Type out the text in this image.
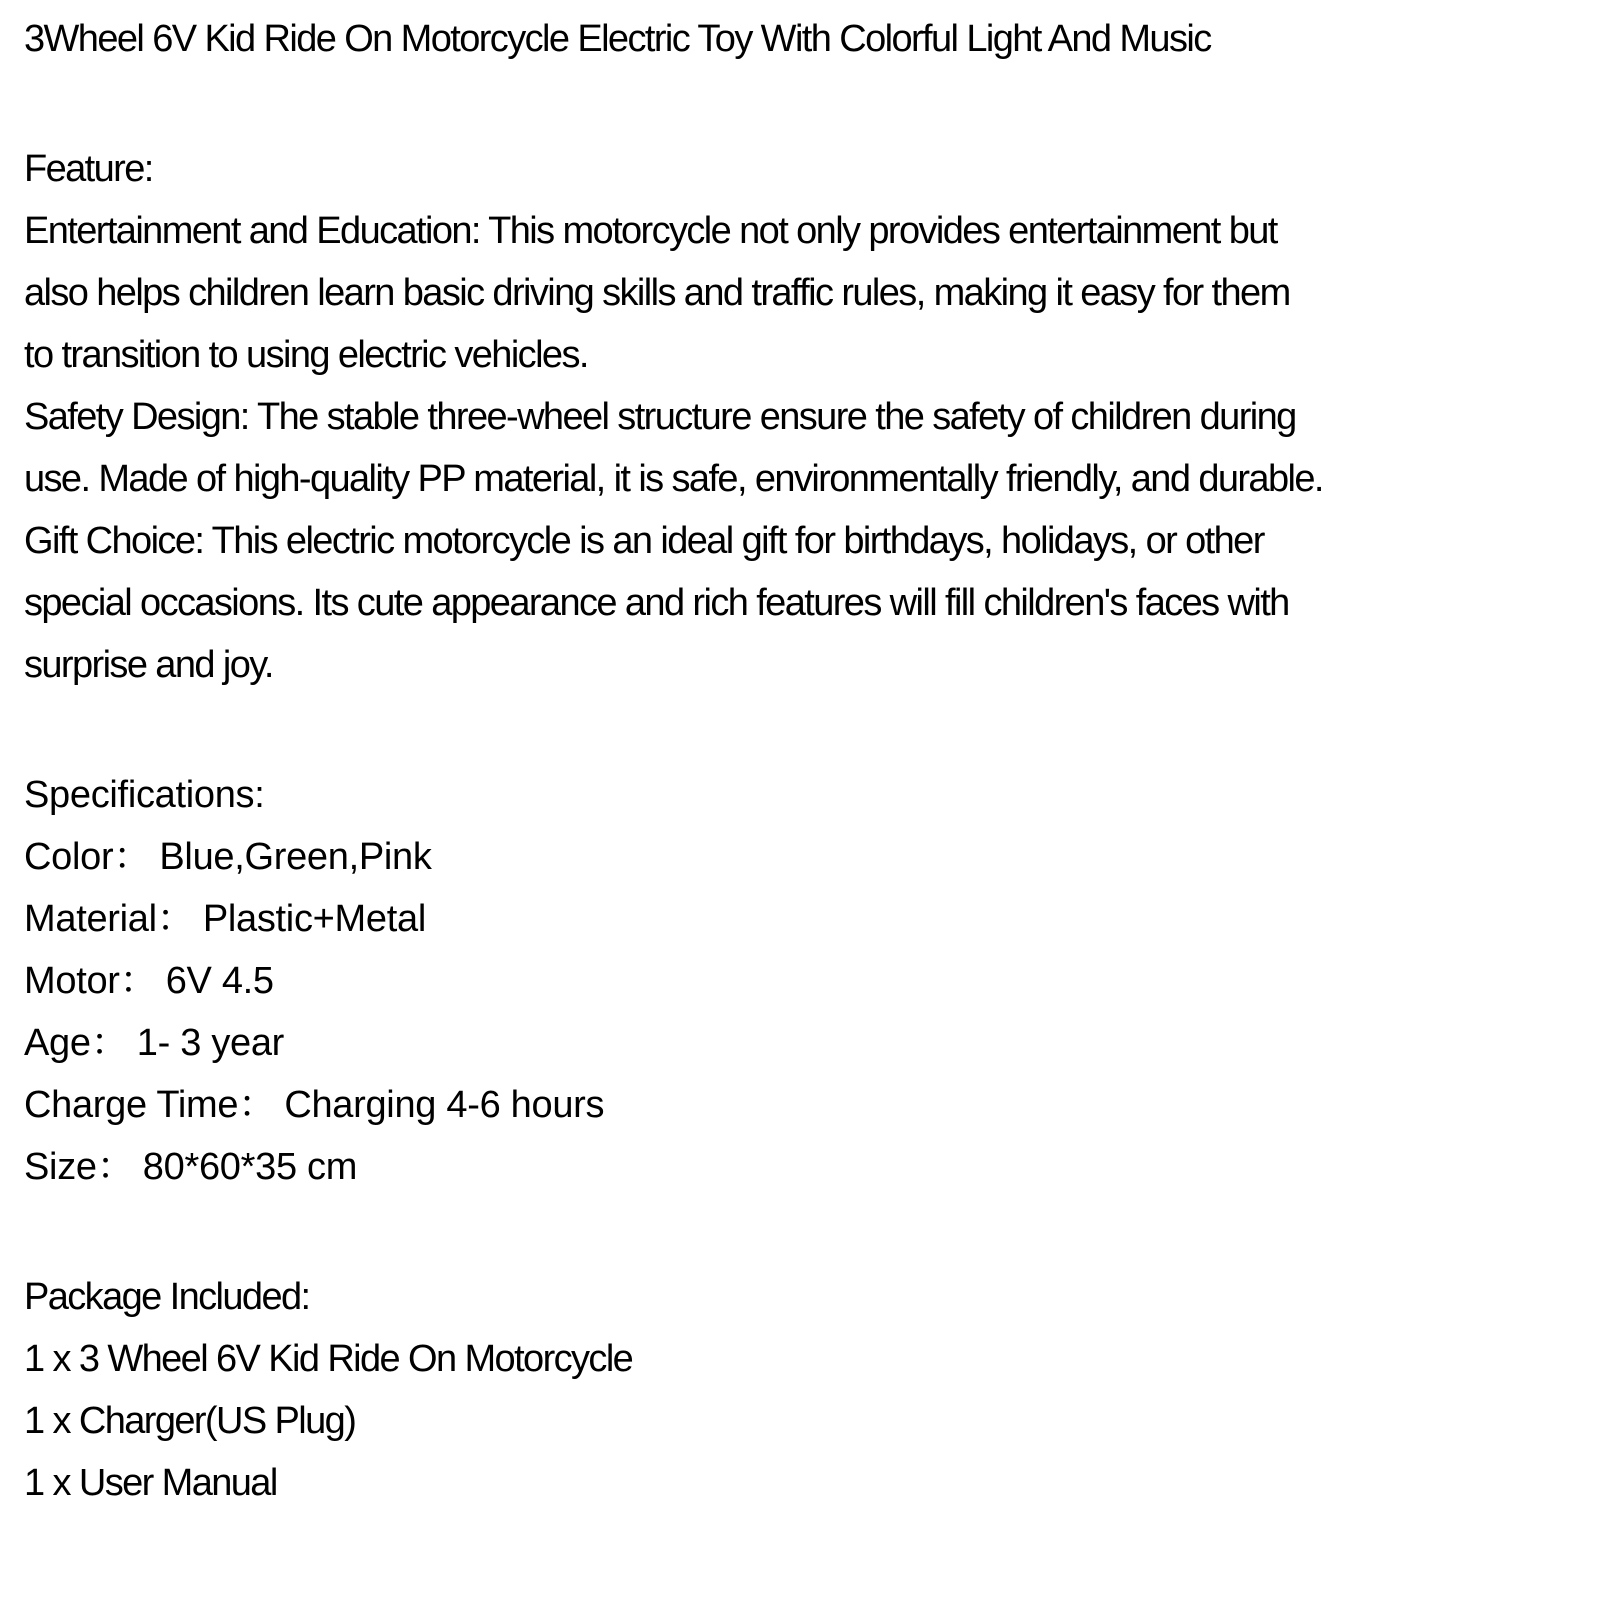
3Wheel 6V Kid Ride On Motorcycle Electric Toy With Colorful Light And Music
Feature:
Entertainment and Education: This motorcycle not only provides entertainment but
also helps children learn basic driving skills and traffic rules, making it easy for them
to transition to using electric vehicles.
Safety Design: The stable three-wheel structure ensure the safety of children during
use. Made of high-quality PP material, it is safe, environmentally friendly, and durable.
Gift Choice: This electric motorcycle is an ideal gift for birthdays, holidays, or other
special occasions. Its cute appearance and rich features will fill children's faces with
surprise and joy.
Specifications:
Color： Blue,Green,Pink
Material： Plastic+Metal
Motor： 6V 4.5
Age： 1- 3 year
Charge Time： Charging 4-6 hours
Size： 80*60*35 cm
Package Included:
1 x 3 Wheel 6V Kid Ride On Motorcycle
1 x Charger(US Plug)
1 x User Manual
